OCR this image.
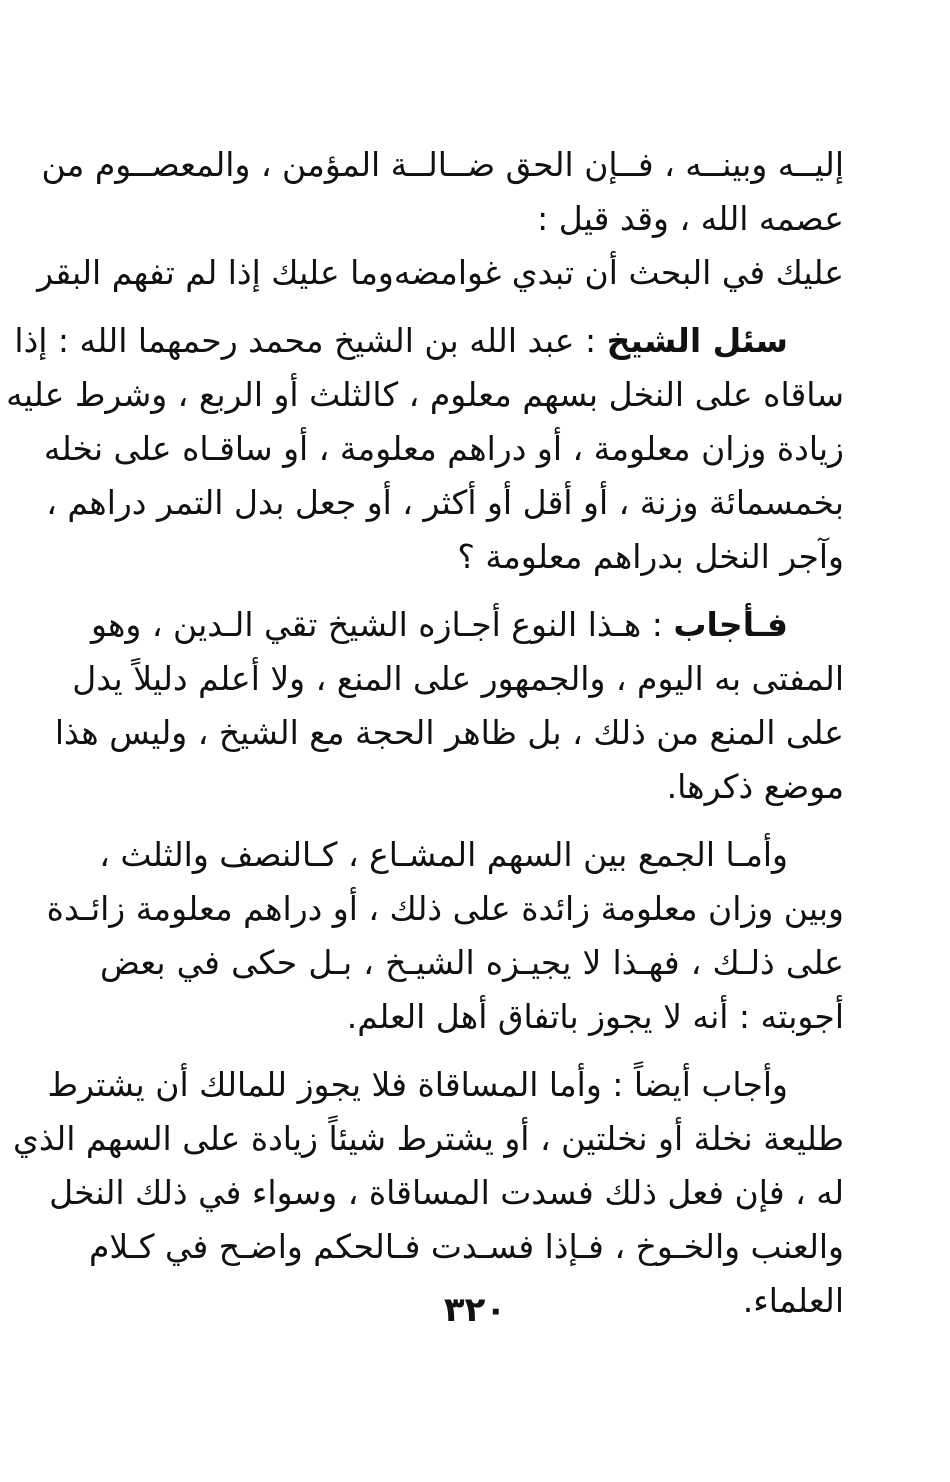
إليــه وبينــه ، فــإن الحق ضــالــة المؤمن ، والمعصــوم من
عصمه الله ، وقد قيل :
عليك في البحث أن تبدي غوامضه
وما عليك إذا لم تفهم البقر
سئل الشيخ : عبد الله بن الشيخ محمد رحمهما الله : إذا
ساقاه على النخل بسهم معلوم ، كالثلث أو الربع ، وشرط عليه
زيادة وزان معلومة ، أو دراهم معلومة ، أو ساقـاه على نخله
بخمسمائة وزنة ، أو أقل أو أكثر ، أو جعل بدل التمر دراهم ،
وآجر النخل بدراهم معلومة ؟
فـأجاب : هـذا النوع أجـازه الشيخ تقي الـدين ، وهو
المفتى به اليوم ، والجمهور على المنع ، ولا أعلم دليلاً يدل
على المنع من ذلك ، بل ظاهر الحجة مع الشيخ ، وليس هذا
موضع ذكرها.
وأمـا الجمع بين السهم المشـاع ، كـالنصف والثلث ،
وبين وزان معلومة زائدة على ذلك ، أو دراهم معلومة زائـدة
على ذلـك ، فهـذا لا يجيـزه الشيـخ ، بـل حكى في بعض
أجوبته : أنه لا يجوز باتفاق أهل العلم.
وأجاب أيضاً : وأما المساقاة فلا يجوز للمالك أن يشترط
طليعة نخلة أو نخلتين ، أو يشترط شيئاً زيادة على السهم الذي
له ، فإن فعل ذلك فسدت المساقاة ، وسواء في ذلك النخل
والعنب والخـوخ ، فـإذا فسـدت فـالحكم واضـح في كـلام
العلماء.
٣٢٠
